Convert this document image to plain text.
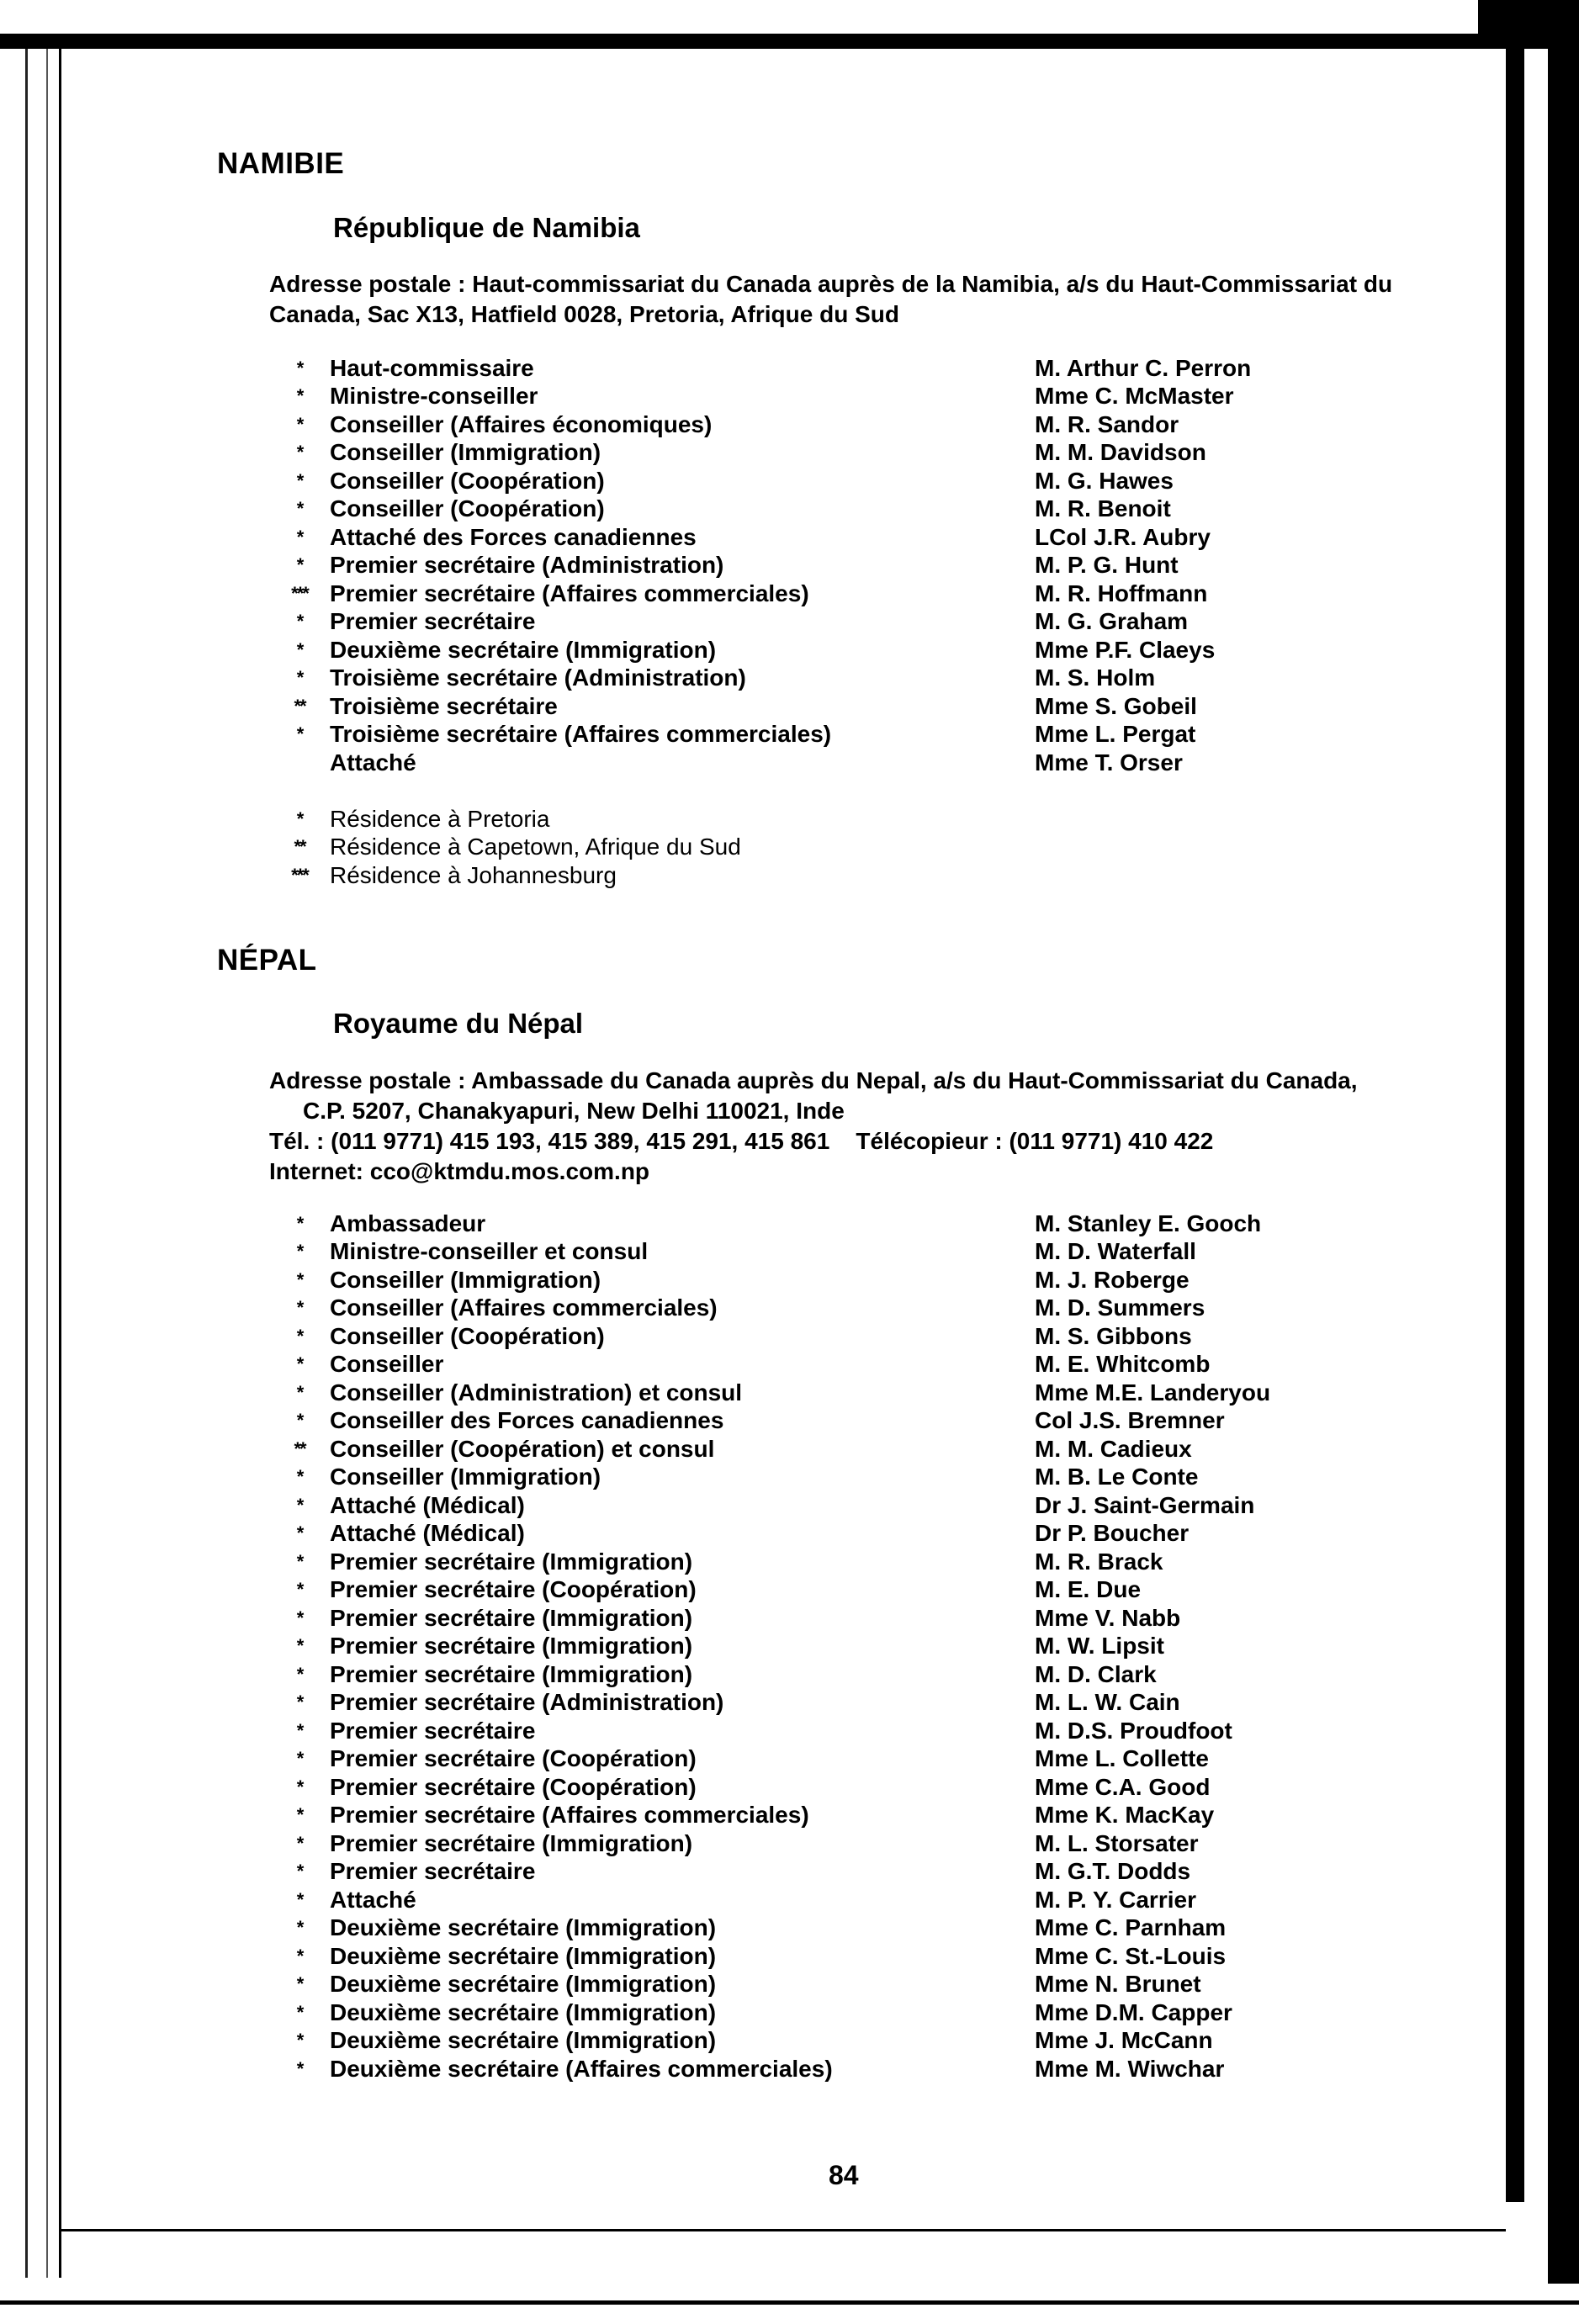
NAMIBIE
République de Namibia
Adresse postale : Haut-commissariat du Canada auprès de la Namibia, a/s du Haut-Commissariat du
Canada, Sac X13, Hatfield 0028, Pretoria, Afrique du Sud
*	Haut-commissaire	M. Arthur C. Perron
*	Ministre-conseiller	Mme C. McMaster
*	Conseiller (Affaires économiques)	M. R. Sandor
*	Conseiller (Immigration)	M. M. Davidson
*	Conseiller (Coopération)	M. G. Hawes
*	Conseiller (Coopération)	M. R. Benoit
*	Attaché des Forces canadiennes	LCol J.R. Aubry
*	Premier secrétaire (Administration)	M. P. G. Hunt
*** Premier secrétaire (Affaires commerciales)	M. R. Hoffmann
*	Premier secrétaire	M. G. Graham
*	Deuxième secrétaire (Immigration)	Mme P.F. Claeys
*	Troisième secrétaire (Administration)	M. S. Holm
**	Troisième secrétaire	Mme S. Gobeil
*	Troisième secrétaire (Affaires commerciales)	Mme L. Pergat
Attaché	Mme T. Orser
*	Résidence à Pretoria
**	Résidence à Capetown, Afrique du Sud
*** Résidence à Johannesburg
NÉPAL
Royaume du Népal
Adresse postale : Ambassade du Canada auprès du Nepal, a/s du Haut-Commissariat du Canada,
C.P. 5207, Chanakyapuri, New Delhi 110021, Inde
Tél. : (011 9771) 415 193, 415 389, 415 291, 415 861    Télécopieur : (011 9771) 410 422
Internet: cco@ktmdu.mos.com.np
*	Ambassadeur	M. Stanley E. Gooch
*	Ministre-conseiller et consul	M. D. Waterfall
*	Conseiller (Immigration)	M. J. Roberge
*	Conseiller (Affaires commerciales)	M. D. Summers
*	Conseiller (Coopération)	M. S. Gibbons
*	Conseiller	M. E. Whitcomb
*	Conseiller (Administration) et consul	Mme M.E. Landeryou
*	Conseiller des Forces canadiennes	Col J.S. Bremner
**	Conseiller (Coopération) et consul	M. M. Cadieux
*	Conseiller (Immigration)	M. B. Le Conte
*	Attaché (Médical)	Dr J. Saint-Germain
*	Attaché (Médical)	Dr P. Boucher
*	Premier secrétaire (Immigration)	M. R. Brack
*	Premier secrétaire (Coopération)	M. E. Due
*	Premier secrétaire (Immigration)	Mme V. Nabb
*	Premier secrétaire (Immigration)	M. W. Lipsit
*	Premier secrétaire (Immigration)	M. D. Clark
*	Premier secrétaire (Administration)	M. L. W. Cain
*	Premier secrétaire	M. D.S. Proudfoot
*	Premier secrétaire (Coopération)	Mme L. Collette
*	Premier secrétaire (Coopération)	Mme C.A. Good
*	Premier secrétaire (Affaires commerciales)	Mme K. MacKay
*	Premier secrétaire (Immigration)	M. L. Storsater
*	Premier secrétaire	M. G.T. Dodds
*	Attaché	M. P. Y. Carrier
*	Deuxième secrétaire (Immigration)	Mme C. Parnham
*	Deuxième secrétaire (Immigration)	Mme C. St.-Louis
*	Deuxième secrétaire (Immigration)	Mme N. Brunet
*	Deuxième secrétaire (Immigration)	Mme D.M. Capper
*	Deuxième secrétaire (Immigration)	Mme J. McCann
*	Deuxième secrétaire (Affaires commerciales)	Mme M. Wiwchar
84
